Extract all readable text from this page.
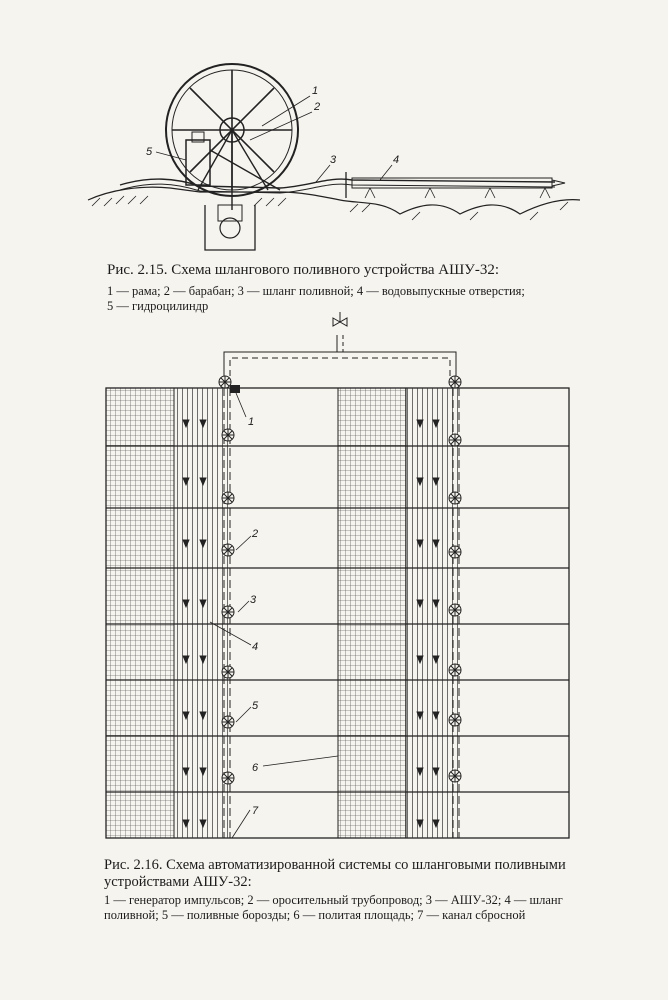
1
2
3	4
5
Рис. 2.15. Схема шлангового поливного устройства АШУ-32:
1 — рама; 2 — барабан; 3 — шланг поливной; 4 — водовыпускные отверстия;
5 — гидроцилиндр
1
2
3
4
5
6
7
Рис. 2.16. Схема автоматизированной системы со шланговыми поливными устройствами АШУ-32:
1 — генератор импульсов; 2 — оросительный трубопровод; 3 — АШУ-32; 4 — шланг поливной; 5 — поливные борозды; 6 — политая площадь; 7 — канал сбросной
